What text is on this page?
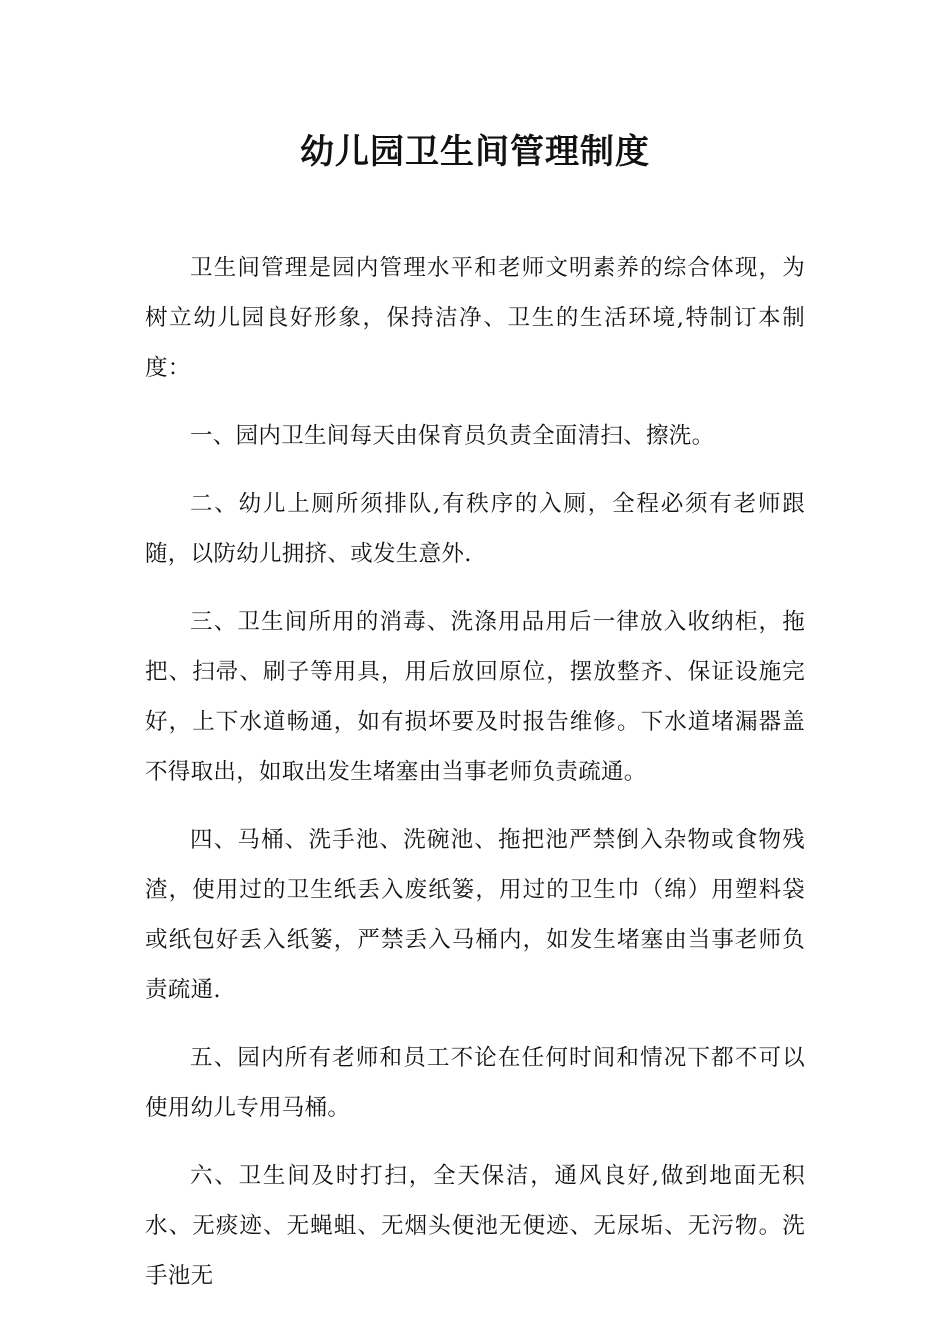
幼儿园卫生间管理制度

卫生间管理是园内管理水平和老师文明素养的综合体现，为树立幼儿园良好形象，保持洁净、卫生的生活环境,特制订本制度：

一、园内卫生间每天由保育员负责全面清扫、擦洗。

二、幼儿上厕所须排队,有秩序的入厕，全程必须有老师跟随，以防幼儿拥挤、或发生意外.

三、卫生间所用的消毒、洗涤用品用后一律放入收纳柜，拖把、扫帚、刷子等用具，用后放回原位，摆放整齐、保证设施完好，上下水道畅通，如有损坏要及时报告维修。下水道堵漏器盖不得取出，如取出发生堵塞由当事老师负责疏通。

四、马桶、洗手池、洗碗池、拖把池严禁倒入杂物或食物残渣，使用过的卫生纸丢入废纸篓，用过的卫生巾（绵）用塑料袋或纸包好丢入纸篓，严禁丢入马桶内，如发生堵塞由当事老师负责疏通.

五、园内所有老师和员工不论在任何时间和情况下都不可以使用幼儿专用马桶。

六、卫生间及时打扫，全天保洁，通风良好,做到地面无积水、无痰迹、无蝇蛆、无烟头便池无便迹、无尿垢、无污物。洗手池无
